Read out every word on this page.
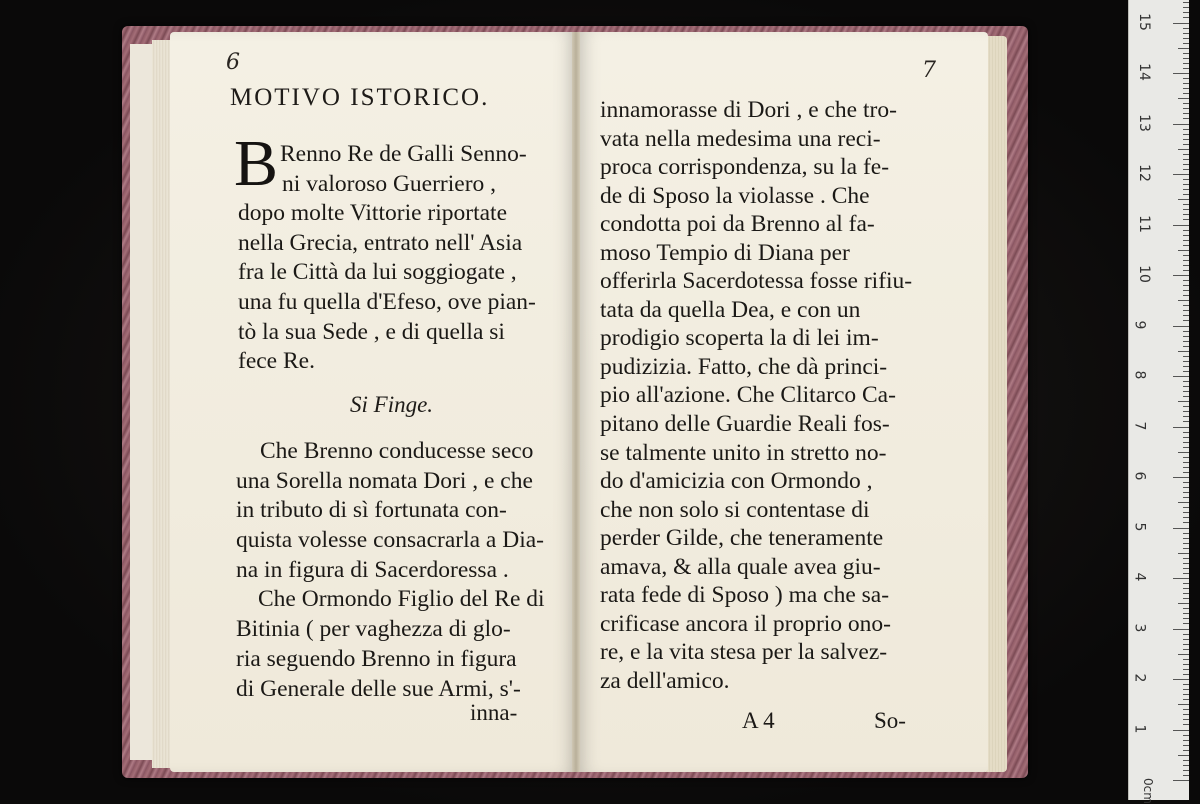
6
MOTIVO ISTORICO.
B Renno Re de Galli Senno-
ni valoroso Guerriero ,
dopo molte Vittorie riportate
nella Grecia, entrato nell' Asia
fra le Città da lui soggiogate ,
una fu quella d'Efeso, ove pian-
tò la sua Sede , e di quella si
fece Re.
Si Finge.
Che Brenno conducesse seco
una Sorella nomata Dori , e che
in tributo di sì fortunata con-
quista volesse consacrarla a Dia-
na in figura di Sacerdoressa .
Che Ormondo Figlio del Re di
Bitinia ( per vaghezza di glo-
ria seguendo Brenno in figura
di Generale delle sue Armi, s'-
inna-
7
innamorasse di Dori , e che tro-
vata nella medesima una reci-
proca corrispondenza, su la fe-
de di Sposo la violasse . Che
condotta poi da Brenno al fa-
moso Tempio di Diana per
offerirla Sacerdotessa fosse rifiu-
tata da quella Dea, e con un
prodigio scoperta la di lei im-
pudizizia. Fatto, che dà princi-
pio all'azione. Che Clitarco Ca-
pitano delle Guardie Reali fos-
se talmente unito in stretto no-
do d'amicizia con Ormondo ,
che non solo si contentase di
perder Gilde, che teneramente
amava, & alla quale avea giu-
rata fede di Sposo ) ma che sa-
crificase ancora il proprio ono-
re, e la vita stesa per la salvez-
za dell'amico.
A 4	So-
0cm
1
2
3
4
5
6
7
8
9
10
11
12
13
14
15
